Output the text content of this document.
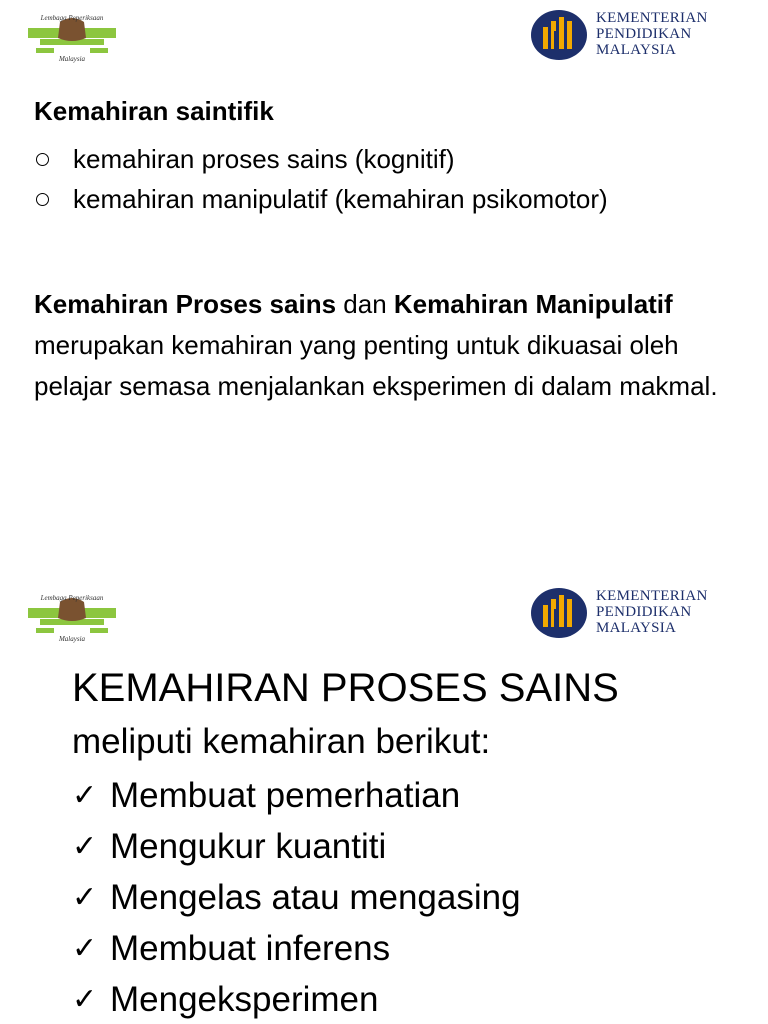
Lembaga Peperiksaan
Malaysia
KEMENTERIAN
PENDIDIKAN
MALAYSIA
Kemahiran saintifik
kemahiran proses sains (kognitif)
kemahiran manipulatif (kemahiran psikomotor)

Kemahiran Proses sains dan Kemahiran Manipulatif merupakan kemahiran yang penting untuk dikuasai oleh pelajar semasa menjalankan eksperimen di dalam makmal.

Lembaga Peperiksaan
Malaysia
KEMENTERIAN
PENDIDIKAN
MALAYSIA
KEMAHIRAN PROSES SAINS
meliputi kemahiran berikut:
✓ Membuat pemerhatian
✓ Mengukur kuantiti
✓ Mengelas atau mengasing
✓ Membuat inferens
✓ Mengeksperimen
